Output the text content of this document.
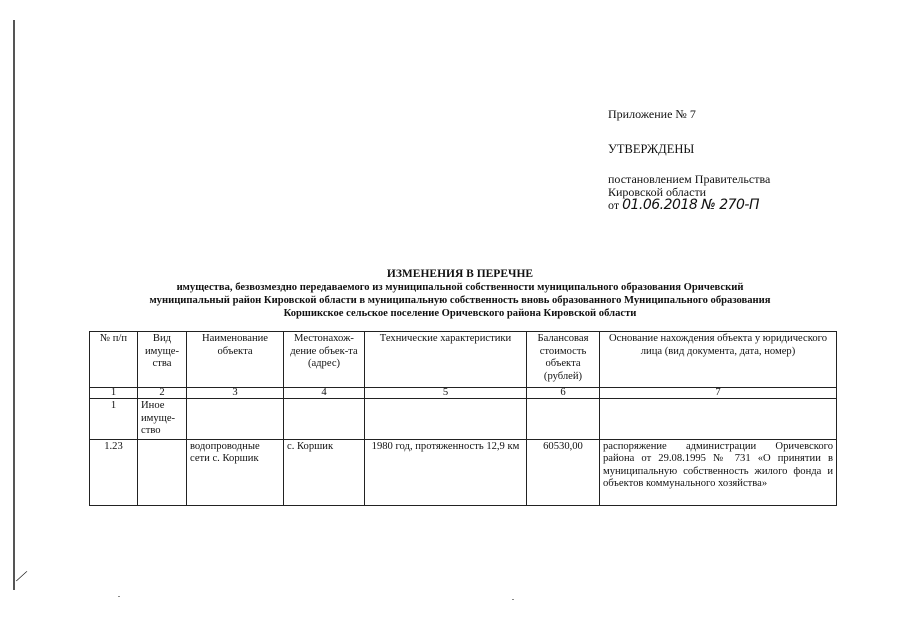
∕
Приложение № 7
УТВЕРЖДЕНЫ
постановлением Правительства
Кировской области
от 01.06.2018 № 270-П
ИЗМЕНЕНИЯ В ПЕРЕЧНЕ
имущества, безвозмездно передаваемого из муниципальной собственности муниципального образования Оричевский
муниципальный район Кировской области в муниципальную собственность вновь образованного Муниципального образования
Коршикское сельское поселение Оричевского района Кировской области
№ п/п	Вид имуще-ства	Наименование объекта	Местонахож-дение объек-та (адрес)	Технические характеристики	Балансовая стоимость объекта (рублей)	Основание нахождения объекта у юридического лица (вид документа, дата, номер)
1	2	3	4	5	6	7
1	Иное имуще-ство					
1.23		водопроводные сети с. Коршик	с. Коршик	1980 год, протяженность 12,9 км	60530,00	распоряжение администрации Оричевского района от 29.08.1995 № 731 «О принятии в муниципальную собственность жилого фонда и объектов коммунального хозяйства»
